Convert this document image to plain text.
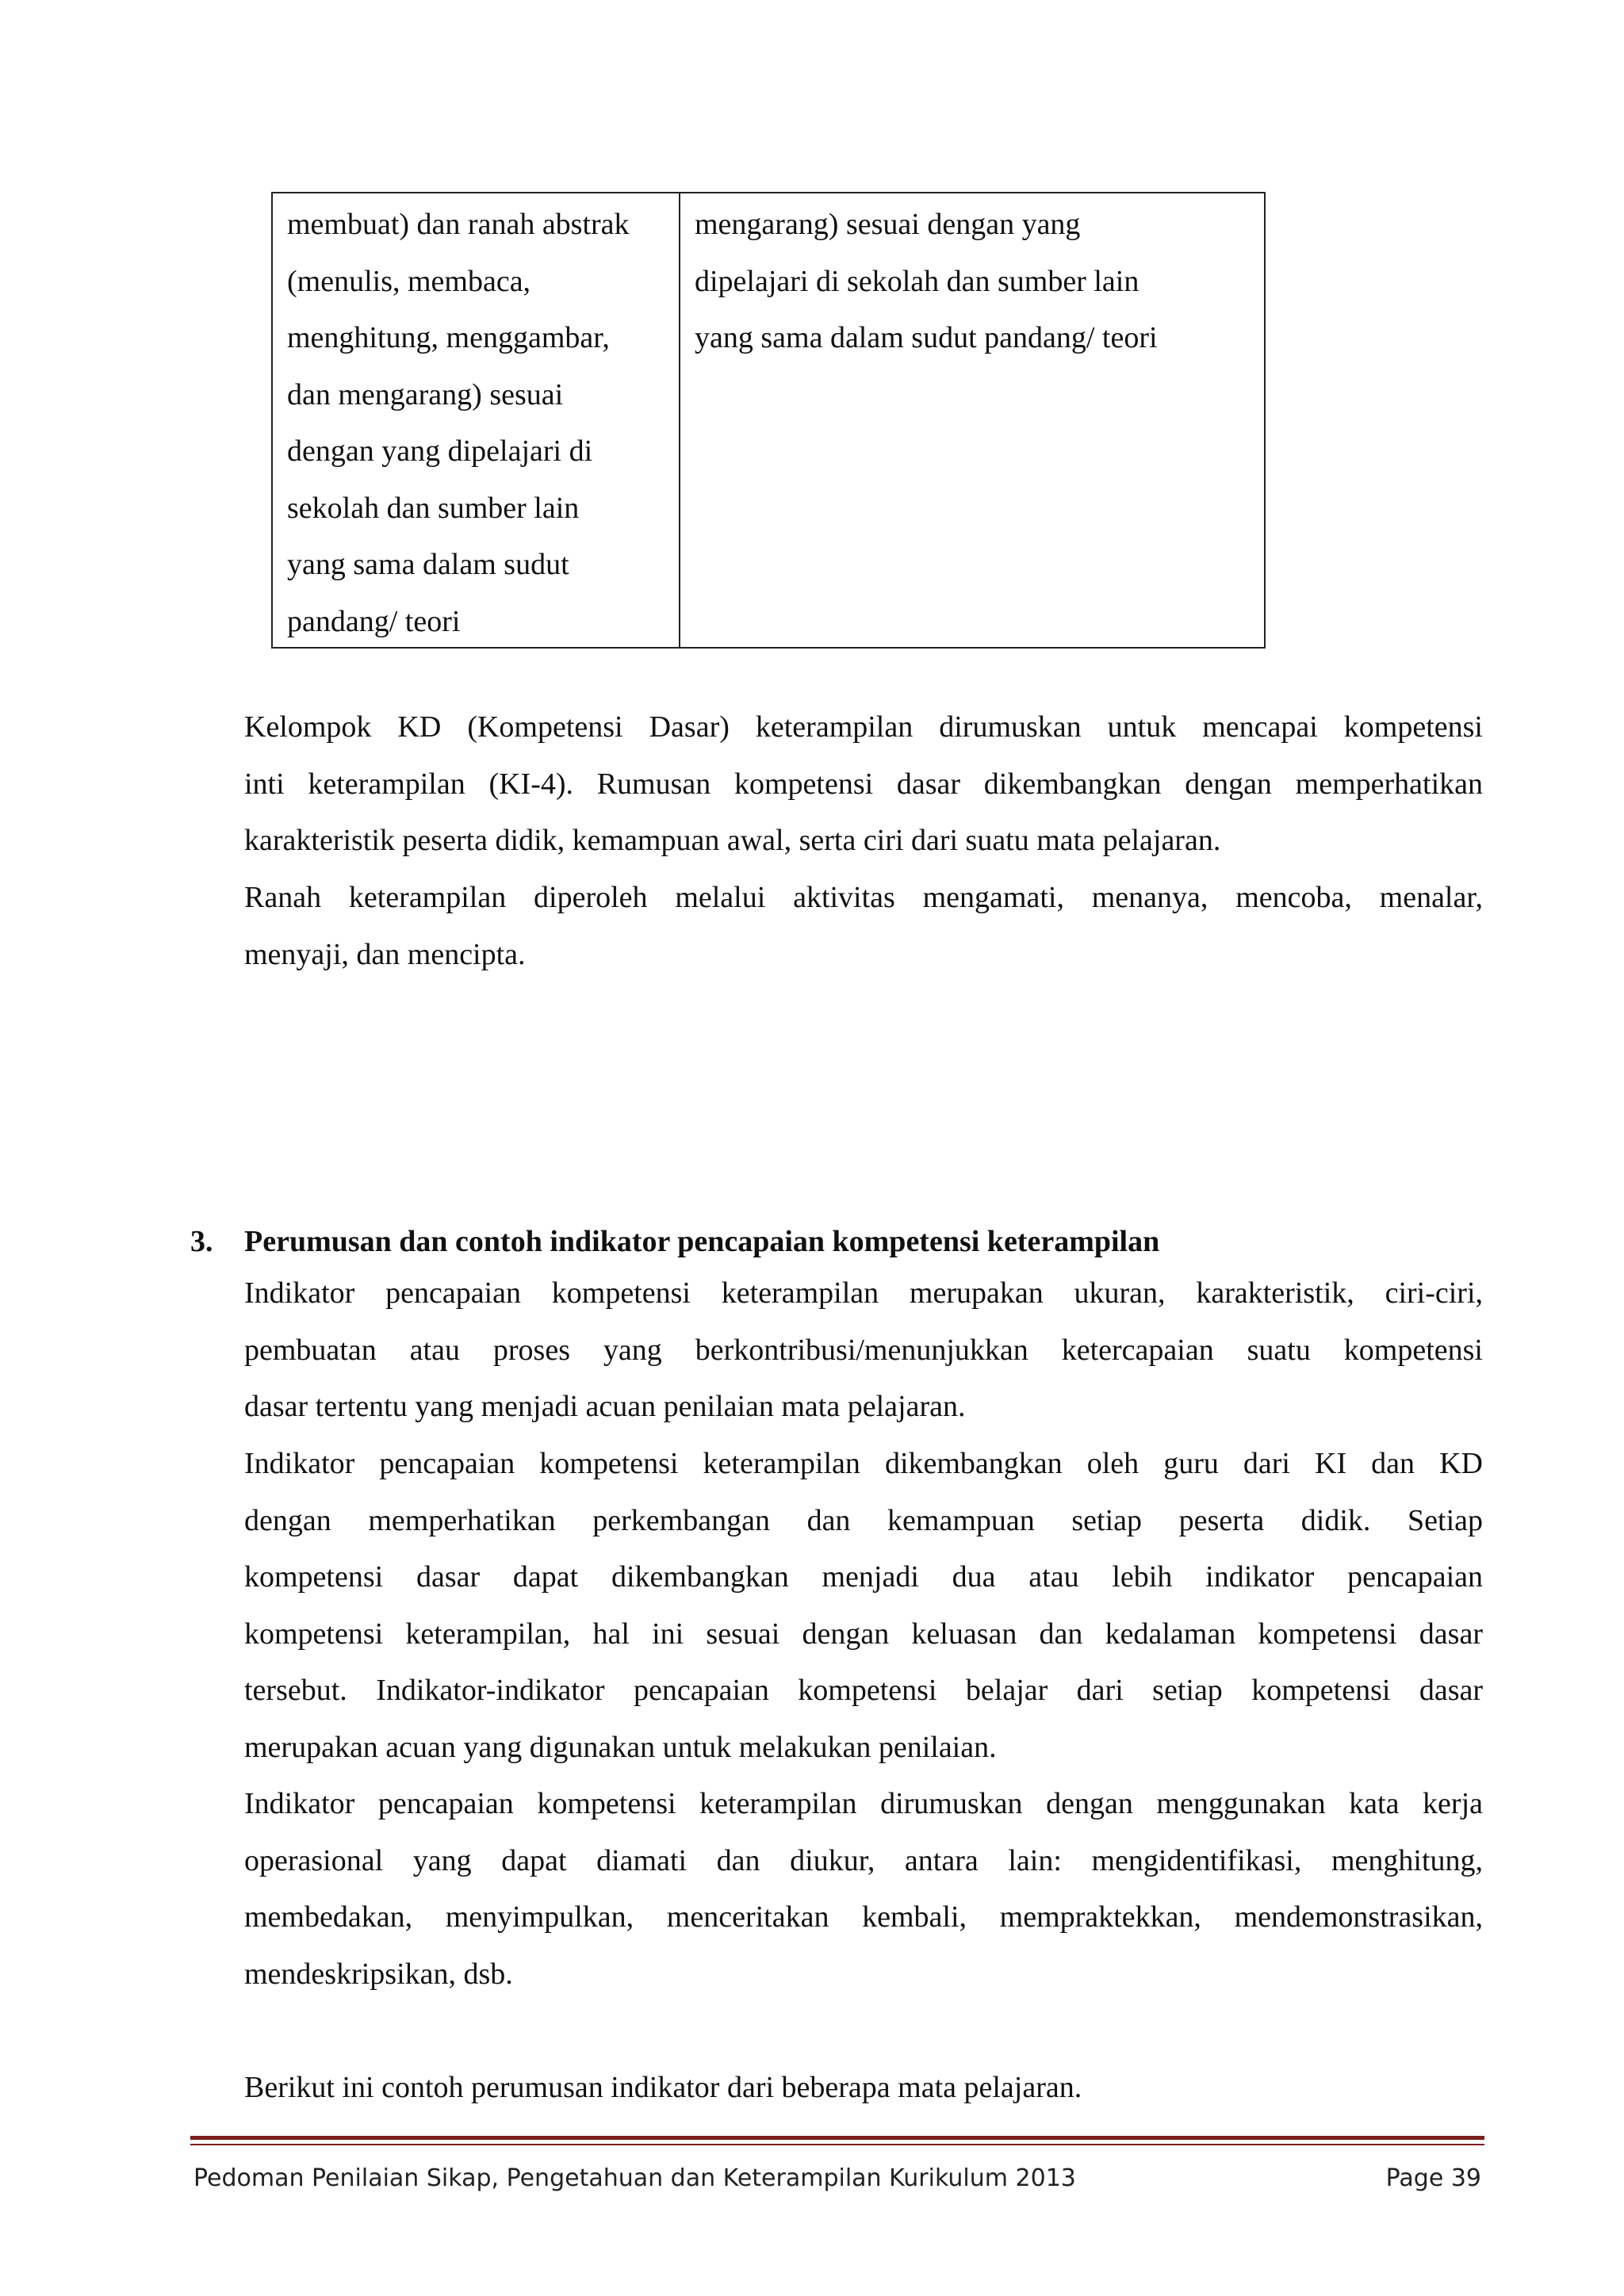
membuat) dan ranah abstrak
(menulis, membaca,
menghitung, menggambar,
dan mengarang) sesuai
dengan yang dipelajari di
sekolah dan sumber lain
yang sama dalam sudut
pandang/ teori
mengarang) sesuai dengan yang
dipelajari di sekolah dan sumber lain
yang sama dalam sudut pandang/ teori
Kelompok KD (Kompetensi Dasar) keterampilan dirumuskan untuk mencapai kompetensi
inti keterampilan (KI-4). Rumusan kompetensi dasar dikembangkan dengan memperhatikan
karakteristik peserta didik, kemampuan awal, serta ciri dari suatu mata pelajaran.
Ranah keterampilan diperoleh melalui aktivitas mengamati, menanya, mencoba, menalar,
menyaji, dan mencipta.
3. Perumusan dan contoh indikator pencapaian kompetensi keterampilan
Indikator pencapaian kompetensi keterampilan merupakan ukuran, karakteristik, ciri-ciri,
pembuatan atau proses yang berkontribusi/menunjukkan ketercapaian suatu kompetensi
dasar tertentu yang menjadi acuan penilaian mata pelajaran.
Indikator pencapaian kompetensi keterampilan dikembangkan oleh guru dari KI dan KD
dengan memperhatikan perkembangan dan kemampuan setiap peserta didik. Setiap
kompetensi dasar dapat dikembangkan menjadi dua atau lebih indikator pencapaian
kompetensi keterampilan, hal ini sesuai dengan keluasan dan kedalaman kompetensi dasar
tersebut. Indikator-indikator pencapaian kompetensi belajar dari setiap kompetensi dasar
merupakan acuan yang digunakan untuk melakukan penilaian.
Indikator pencapaian kompetensi keterampilan dirumuskan dengan menggunakan kata kerja
operasional yang dapat diamati dan diukur, antara lain: mengidentifikasi, menghitung,
membedakan, menyimpulkan, menceritakan kembali, mempraktekkan, mendemonstrasikan,
mendeskripsikan, dsb.
Berikut ini contoh perumusan indikator dari beberapa mata pelajaran.
Pedoman Penilaian Sikap, Pengetahuan dan Keterampilan Kurikulum 2013	Page 39
